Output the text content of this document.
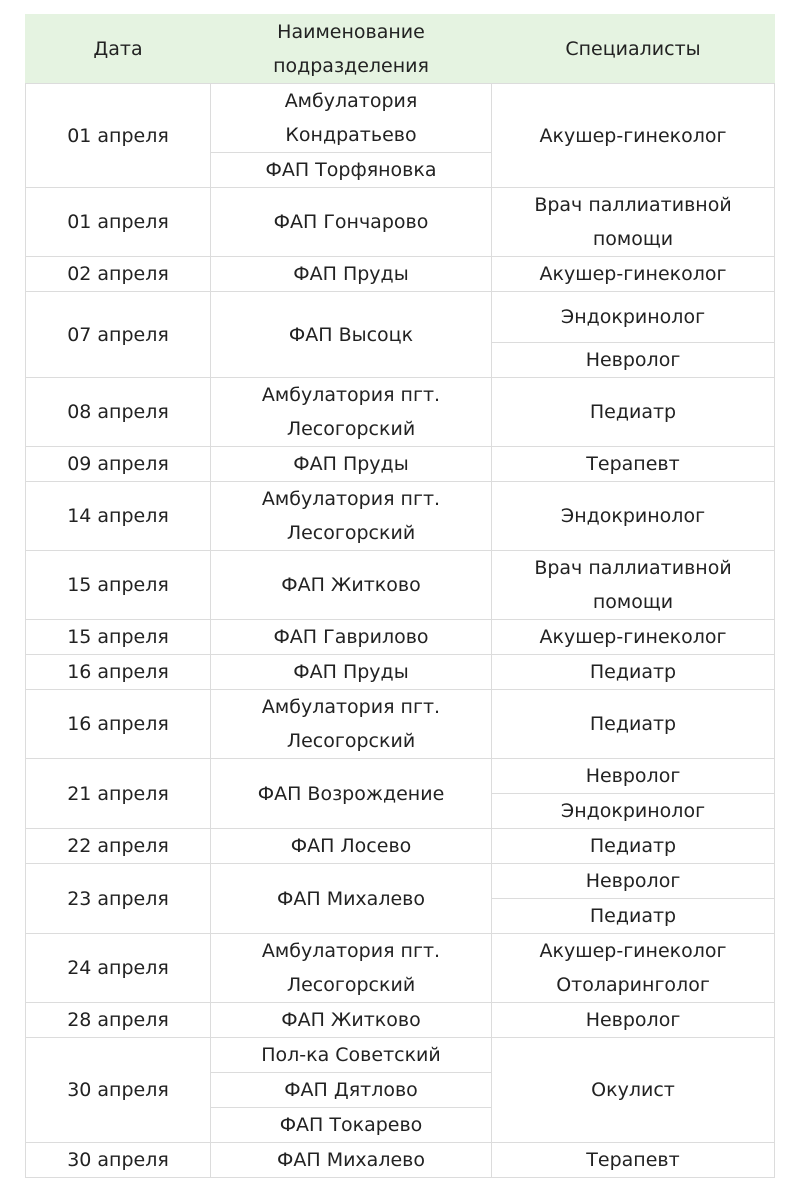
Дата	Наименование подразделения	Специалисты
01 апреля	Амбулатория Кондратьево	Акушер-гинеколог
	ФАП Торфяновка	
01 апреля	ФАП Гончарово	Врач паллиативной помощи
02 апреля	ФАП Пруды	Акушер-гинеколог
07 апреля	ФАП Высоцк	Эндокринолог
		Невролог
08 апреля	Амбулатория пгт. Лесогорский	Педиатр
09 апреля	ФАП Пруды	Терапевт
14 апреля	Амбулатория пгт. Лесогорский	Эндокринолог
15 апреля	ФАП Житково	Врач паллиативной помощи
15 апреля	ФАП Гаврилово	Акушер-гинеколог
16 апреля	ФАП Пруды	Педиатр
16 апреля	Амбулатория пгт. Лесогорский	Педиатр
21 апреля	ФАП Возрождение	Невролог
		Эндокринолог
22 апреля	ФАП Лосево	Педиатр
23 апреля	ФАП Михалево	Невролог
		Педиатр
24 апреля	Амбулатория пгт. Лесогорский	Акушер-гинеколог Отоларинголог
28 апреля	ФАП Житково	Невролог
30 апреля	Пол-ка Советский	Окулист
	ФАП Дятлово	
	ФАП Токарево	
30 апреля	ФАП Михалево	Терапевт
